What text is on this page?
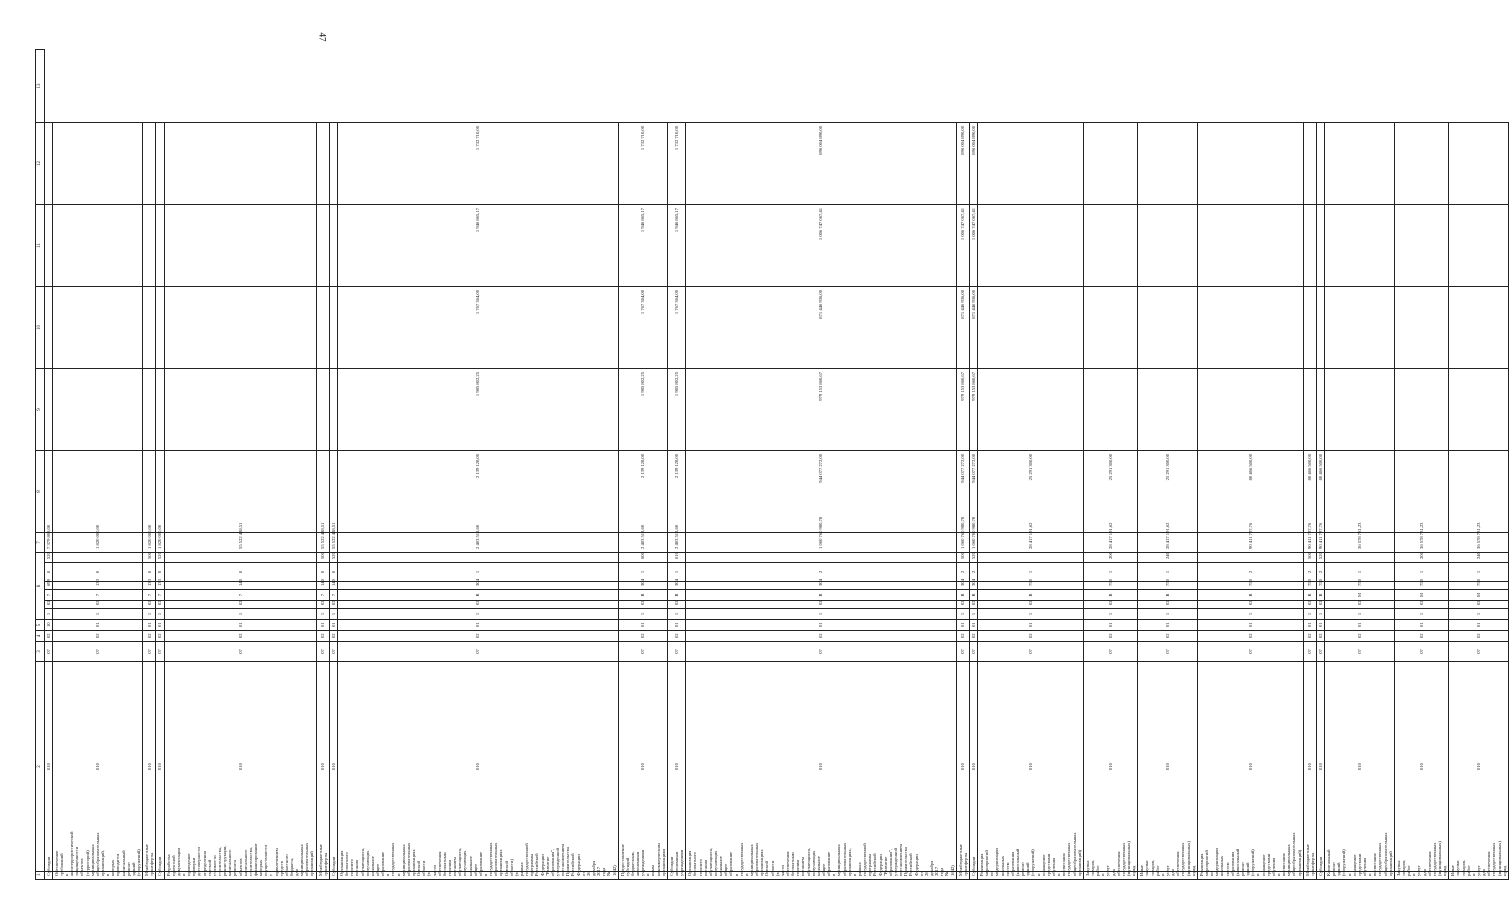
47
1	2	3	4	5	6						7	8	9	10	11	12	13
Субсидии	010	07	02	10	1	02	7	699	0	520	7 379 808,00						
Обеспечение требований к антитеррористической защищенности объектов (территорий) муниципальных общеобразовательных организаций, в которых проводится капитальный ремонт зданий (сооружений)	010	07	02	01	1	02	7	133	0		1 820 000,00						
Межбюджетные трансферты	010	07	02	01	1	02	7	133	0	500	1 820 000,00						
Субсидии	010	07	02	01	1	02	7	133	0	520	1 820 000,00						
Разработка проектной документации и проведение проверки достоверности определения сметной стоимости строительства, реконструкции, капитального ремонта объектов капитального строительства, финансирование которых осуществляется с привлечением средств областного бюджета, для муниципальных образовательных организаций	010	07	02	01	1	02	7	140	0		55 522 438,51						
Межбюджетные трансферты	010	07	02	01	1	02	7	140	0	500	55 522 438,51						
Субсидии	010	07	02	01	1	02	7	140	0	520	55 522 438,51						
Организация бесплатного горячего питания обучающихся, получающих начальное общее образование в государственных и муниципальных образовательных организациях Омской области (в части обеспечения бесплатным горячим питанием обучающихся, получающих начальное общее образование в государственных образовательных организациях Омской области) (в рамках государственной программы Российской Федерации "Развитие образования", утвержденной постановлением Правительства Российской Федерации от 26 декабря 2017 года № 1642)	010	07	02	01	1	02	R	304	1		2 403 513,60	2 139 128,00	1 985 802,25	1 767 364,00	1 946 865,17	1 732 710,00	
Предоставление субсидий бюджетным, автономным учреждениям и иным некоммерческим организациям	010	07	02	01	1	02	R	304	1	600	2 403 513,60	2 139 128,00	1 985 802,25	1 767 364,00	1 946 865,17	1 732 710,00	
Субсидии автономным учреждениям	010	07	02	01	1	02	R	304	1	610	2 403 513,60	2 139 128,00	1 985 802,25	1 767 364,00	1 946 865,17	1 732 710,00	
Организация бесплатного горячего питания обучающихся, получающих начальное общее образование в государственных и муниципальных образовательных организациях Омской области (в части обеспечения бесплатным горячим питанием обучающихся, получающих начальное общее образование в муниципальных образовательных организациях, в рамках государственной программы Российской Федерации "Развитие образования", утвержденной постановлением Правительства Российской Федерации от 26 декабря 2017 года № 1642)	010	07	02	01	1	02	R	304	2		1 060 760 980,78	944 077 272,00	979 153 860,67	871 446 936,00	1 006 747 067,41	896 004 890,00	
Межбюджетные трансферты	010	07	02	01	1	02	R	304	2	500	1 060 760 980,78	944 077 272,00	979 153 860,67	871 446 936,00	1 006 747 067,41	896 004 890,00	
Субсидии	010	07	02	01	1	02	R	304	2	520	1 060 760 980,78	944 077 272,00	979 153 860,67	871 446 936,00	1 006 747 067,41	896 004 890,00	
Реализация мероприятий по модернизации школьных систем образования (капитальный ремонт зданий (сооружений) и оснащение средствами обучения и воспитания государственных общеобразовательных организаций)	010	07	02	01	1	02	R	750	1		28 417 191,62	25 291 300,00					
Закупка товаров, работ и услуг для обеспечения государственных (муниципальных) нужд	010	07	02	01	1	02	R	750	1	200	28 417 191,62	25 291 300,00					
Иные закупки товаров, работ и услуг для обеспечения государственных (муниципальных) нужд	010	07	02	01	1	02	R	750	1	240	28 417 191,62	25 291 300,00					
Реализация мероприятий по модернизации школьных систем образования (капитальный ремонт зданий (сооружений) и оснащение средствами обучения и воспитания муниципальных общеобразовательных организаций)	010	07	02	01	1	02	R	750	2		90 411 797,76	80 466 500,00					
Межбюджетные трансферты	010	07	02	01	1	02	R	750	2	500	90 411 797,76	80 466 500,00					
Субсидии	010	07	02	01	1	02	R	750	2	520	90 411 797,76	80 466 500,00					
Капитальный ремонт зданий (сооружений) и оснащение средствами обучения и воспитания государственных общеобразовательных организаций	010	07	02	01	1	02	M	750	1		36 578 781,23						
Закупка товаров, работ и услуг для обеспечения государственных (муниципальных) нужд	010	07	02	01	1	02	M	750	1	200	36 578 781,23						
Иные закупки товаров, работ и услуг для обеспечения государственных (муниципальных) нужд	010	07	02	01	1	02	M	750	1	240	36 578 781,23						
